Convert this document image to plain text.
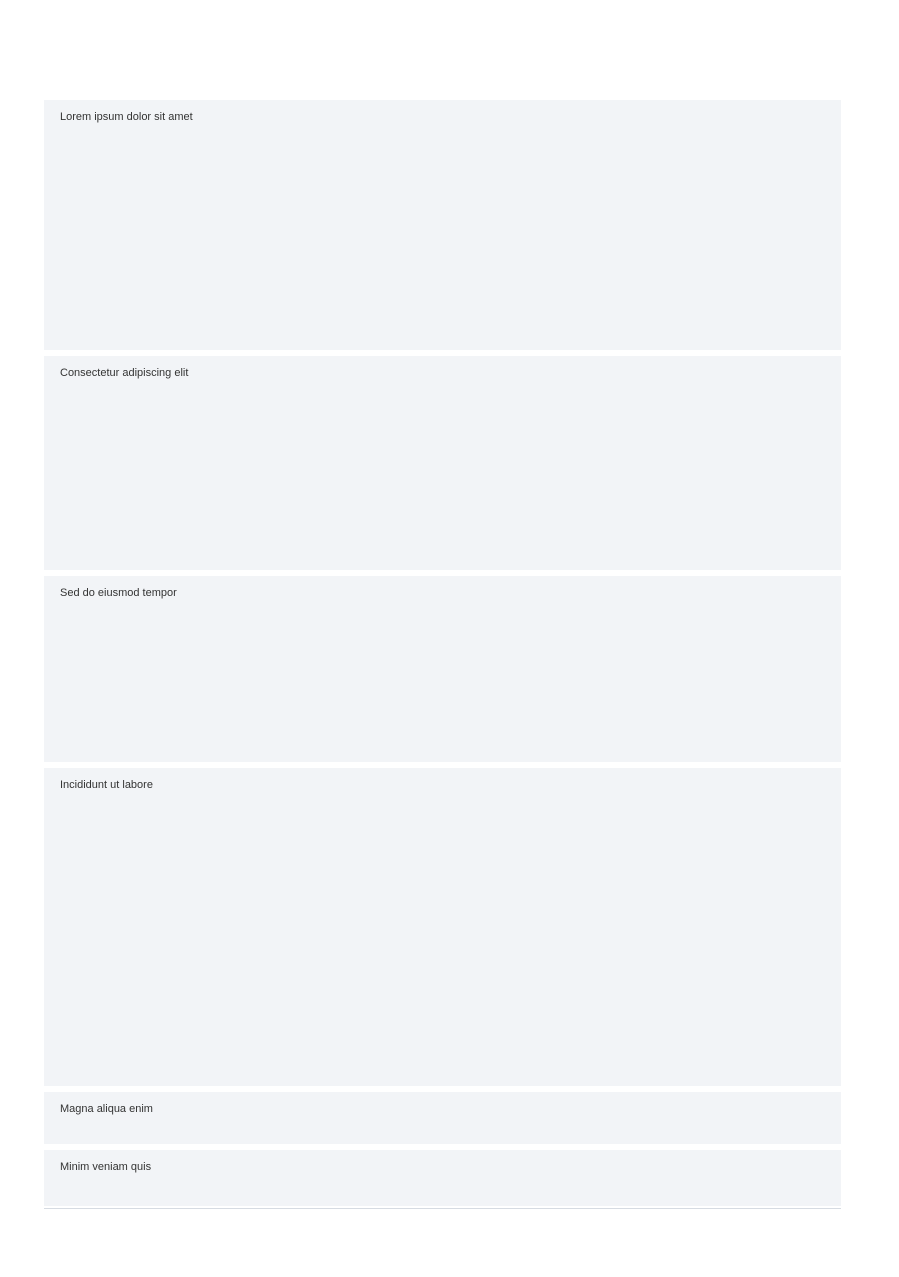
Lorem ipsum dolor sit amet
Consectetur adipiscing elit
Sed do eiusmod tempor
Incididunt ut labore
Magna aliqua enim
Minim veniam quis
